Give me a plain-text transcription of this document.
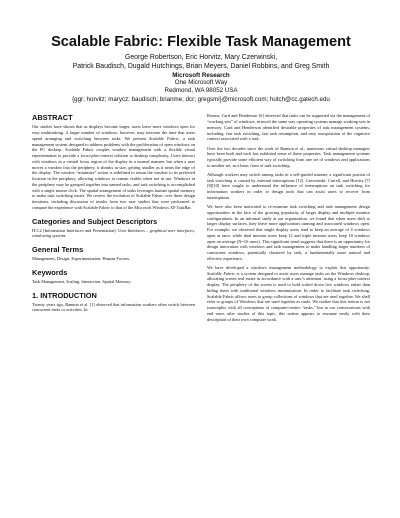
Scalable Fabric: Flexible Task Management
George Robertson, Eric Horvitz, Mary Czerwinski,
Patrick Baudisch, Dugald Hutchings, Brian Meyers, Daniel Robbins, and Greg Smith
Microsoft Research
One Microsoft Way
Redmond, WA 98052 USA
{ggr; horvitz; marycz; baudisch; brianme; dcr; gregsmi}@microsoft.com; hutch@cc.gatech.edu
ABSTRACT

Our studies have shown that as displays become larger, users leave more windows open for easy multitasking. A larger number of windows, however, may increase the time that users spend arranging and switching between tasks. We present Scalable Fabric, a task management system designed to address problems with the proliferation of open windows on the PC desktop. Scalable Fabric couples window management with a flexible visual representation to provide a focus-plus-context solution to desktop complexity. Users interact with windows in a central focus region of the display in a normal manner, but when a user moves a window into the periphery, it shrinks in size, getting smaller as it nears the edge of the display. The window “minimize” action is redefined to return the window to its preferred location in the periphery, allowing windows to remain visible when not in use. Windows in the periphery may be grouped together into named tasks, and task switching is accomplished with a single mouse click. The spatial arrangement of tasks leverages human spatial memory to make task switching easier. We review the evolution of Scalable Fabric over three design iterations, including discussion of results from two user studies that were performed to compare the experience with Scalable Fabric to that of the Microsoft Windows XP TaskBar.

Categories and Subject Descriptors

H.5.2 [Information Interfaces and Presentation]: User Interfaces – graphical user interfaces, windowing systems.

General Terms

Management, Design, Experimentation, Human Factors.

Keywords

Task Management, Scaling, Interaction, Spatial Memory.

1. INTRODUCTION

Twenty years ago, Bannon et al. [1] observed that information workers often switch between concurrent tasks or activities. In

Rooms, Card and Henderson [6] observed that tasks can be supported via the management of “working sets” of windows, in much the same way operating systems manage working sets in memory. Card and Henderson identified desirable properties of task management systems, including: fast task switching, fast task resumption, and easy reacquisition of the cognitive context associated with a task.

Over the two decades since the work of Bannon et al., numerous virtual desktop managers have been built and each has exhibited some of these properties. Task management systems typically provide some efficient way of switching from one set of windows and applications to another set, as a basic form of task switching.

Although workers may switch among tasks in a self-guided manner, a significant portion of task switching is caused by external interruptions [12]. Czerwinski, Cutrell, and Horvitz [7][8][10] have sought to understand the influence of interruptions on task switching for information workers in order to design tools that can assist users to recover from interruptions.

We have also been motivated to re-examine task switching and task management design opportunities in the face of the growing popularity of larger display and multiple monitor configurations. In an informal study at our organization, we found that when users shift to larger display surfaces, they leave more applications running and associated windows open. For example, we observed that single display users tend to keep an average of 4 windows open at once, while dual monitor users keep 12 and triple monitor users keep 18 windows open on average (N=16 users). This significant trend suggests that there is an opportunity for design innovation with windows and task management to make handling larger numbers of concurrent windows, potentially clustered by task, a fundamentally more natural and effective experience.

We have developed a windows management methodology to exploit this opportunity. Scalable Fabric is a system designed to assist users manage tasks on the Windows desktop, allocating screen real estate in accordance with a user’s attention, using a focus-plus-context display. The periphery of the screen is used to hold scaled down live windows rather than hiding them with traditional windows minimization. In order to facilitate task switching, Scalable Fabric allows users to group collections of windows that are used together. We shall refer to groups of Windows that are used together as tasks. We realize that this notion is not isomorphic with all conceptions of computer-centric “tasks,” but in our conversations with end users after studies of this topic, this notion appears to resonate easily with their description of their own computer work.
